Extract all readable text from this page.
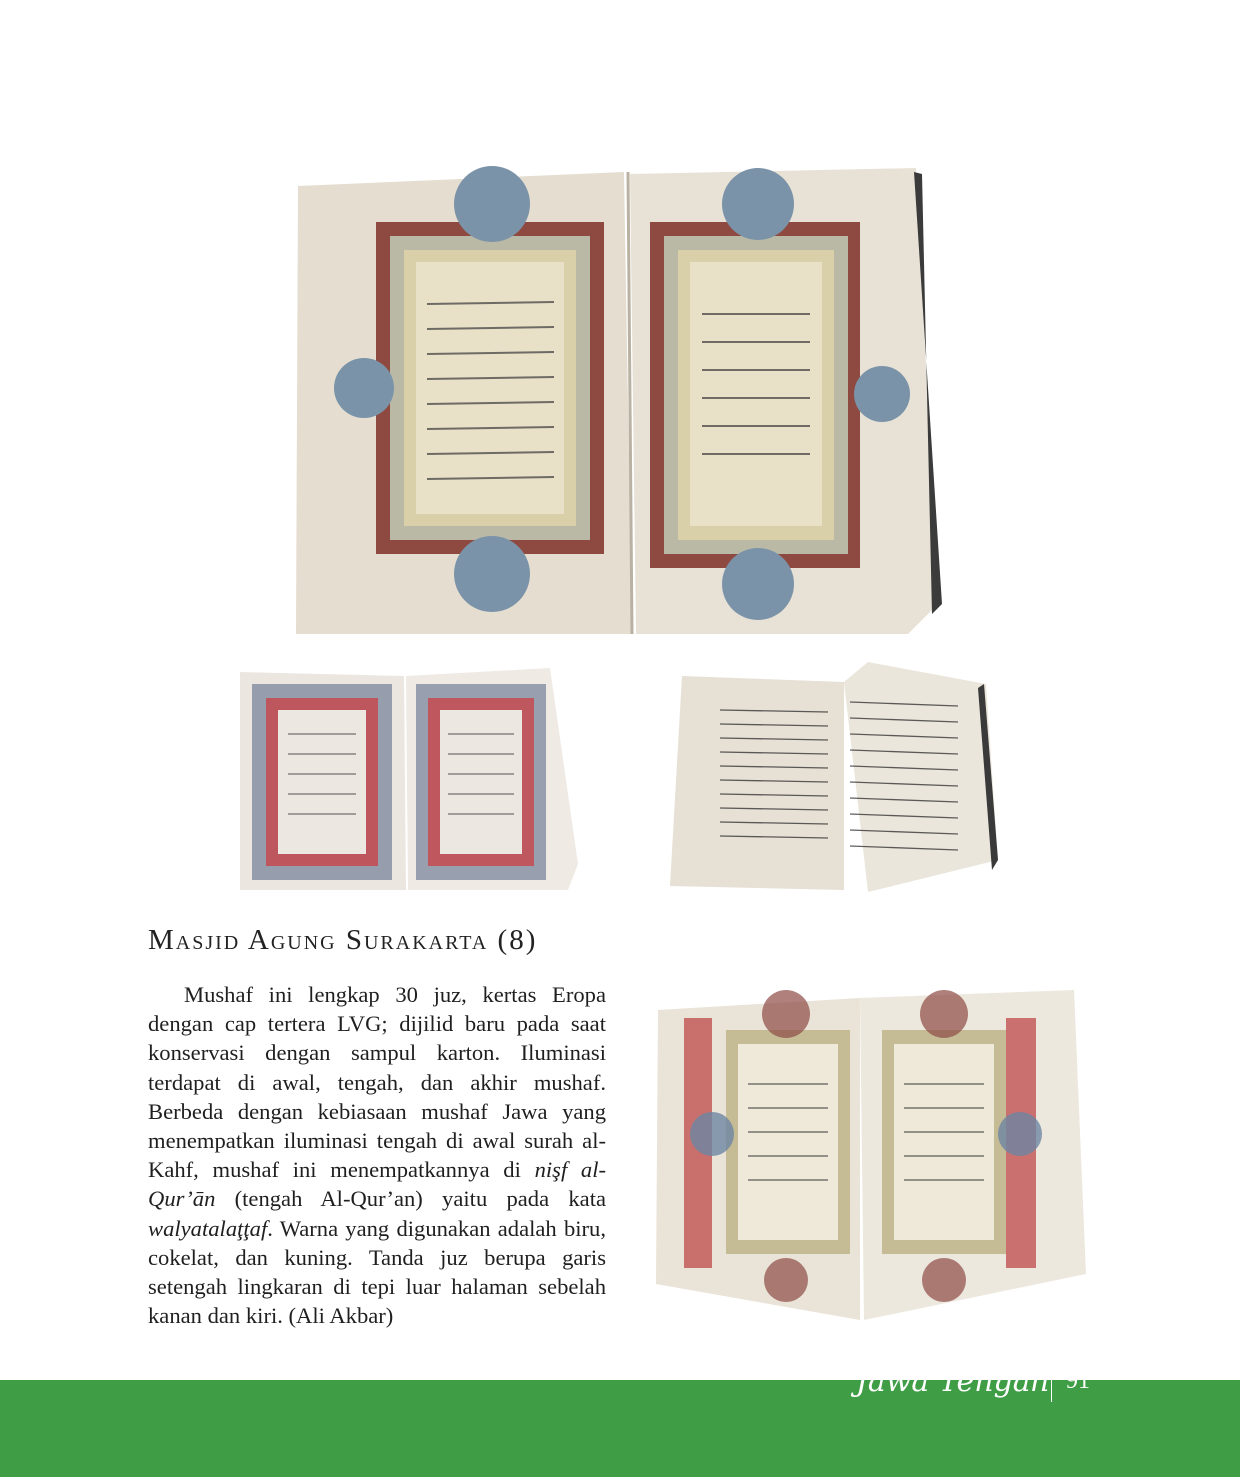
Masjid Agung Surakarta (8)

Mushaf ini lengkap 30 juz, kertas Eropa dengan cap tertera LVG; dijilid baru pada saat konservasi dengan sampul karton. Iluminasi terdapat di awal, tengah, dan akhir mushaf. Berbeda dengan kebiasaan mushaf Jawa yang menempatkan iluminasi tengah di awal surah al-Kahf, mushaf ini menempatkannya di nişf al-Qur’ān (tengah Al-Qur’an) yaitu pada kata walyatalaţţaf. Warna yang digunakan adalah biru, cokelat, dan kuning. Tanda juz berupa garis setengah lingkaran di tepi luar halaman sebelah kanan dan kiri. (Ali Akbar)

Jawa Tengah 91
